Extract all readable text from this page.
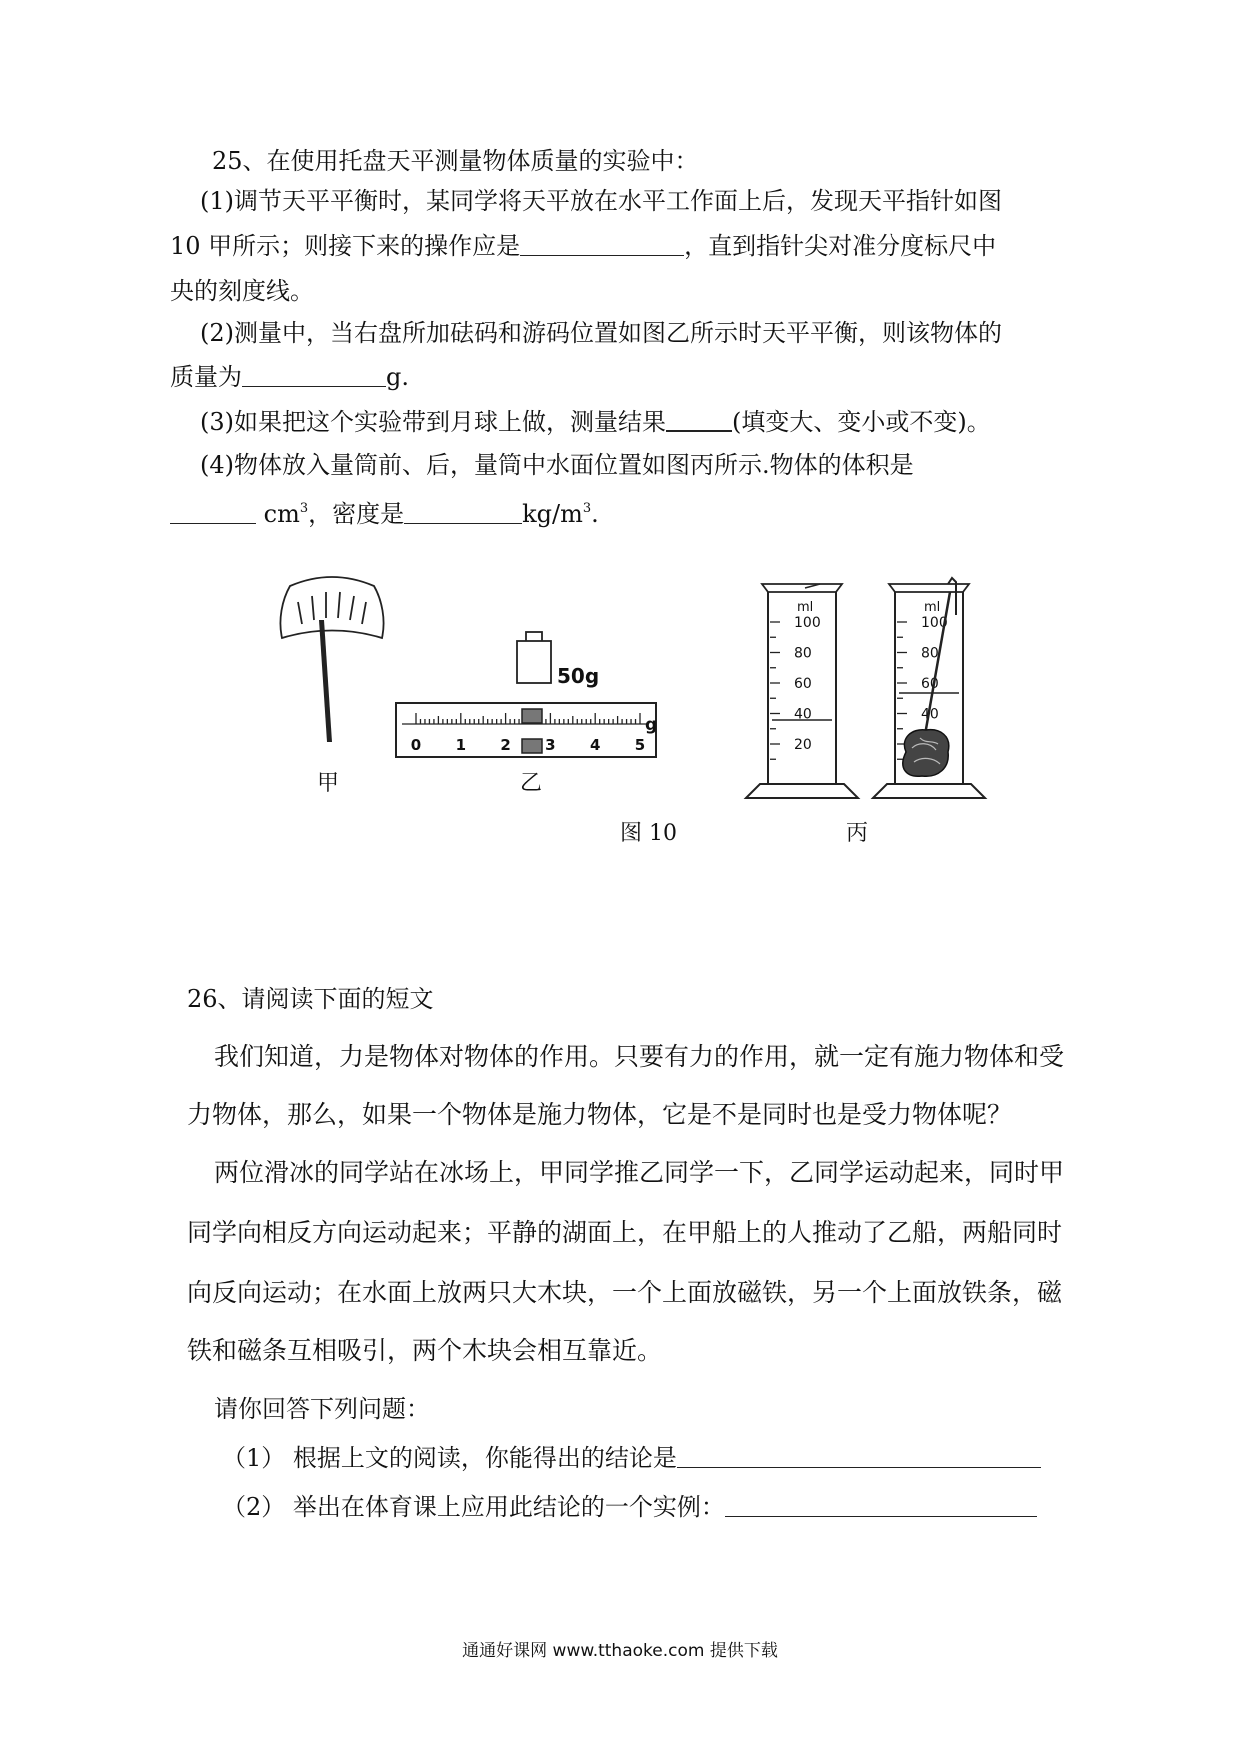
25、在使用托盘天平测量物体质量的实验中：
(1)调节天平平衡时，某同学将天平放在水平工作面上后，发现天平指针如图
10 甲所示；则接下来的操作应是	，直到指针尖对准分度标尺中
央的刻度线。
(2)测量中，当右盘所加砝码和游码位置如图乙所示时天平平衡，则该物体的
质量为	g.
(3)如果把这个实验带到月球上做，测量结果	(填变大、变小或不变)。
(4)物体放入量筒前、后，量筒中水面位置如图丙所示.物体的体积是
$cm^3$，密度是	$kg/m^3$.
50g
0 1 2 3 4 5
g
100
80
60
40
20
ml
100
80
60
40
ml
甲	乙
图 10	丙
26、请阅读下面的短文
我们知道，力是物体对物体的作用。只要有力的作用，就一定有施力物体和受
力物体，那么，如果一个物体是施力物体，它是不是同时也是受力物体呢？
两位滑冰的同学站在冰场上，甲同学推乙同学一下，乙同学运动起来，同时甲
同学向相反方向运动起来；平静的湖面上，在甲船上的人推动了乙船，两船同时
向反向运动；在水面上放两只大木块，一个上面放磁铁，另一个上面放铁条，磁
铁和磁条互相吸引，两个木块会相互靠近。
请你回答下列问题：
（1） 根据上文的阅读，你能得出的结论是
（2） 举出在体育课上应用此结论的一个实例：
通通好课网 www.tthaoke.com 提供下载
